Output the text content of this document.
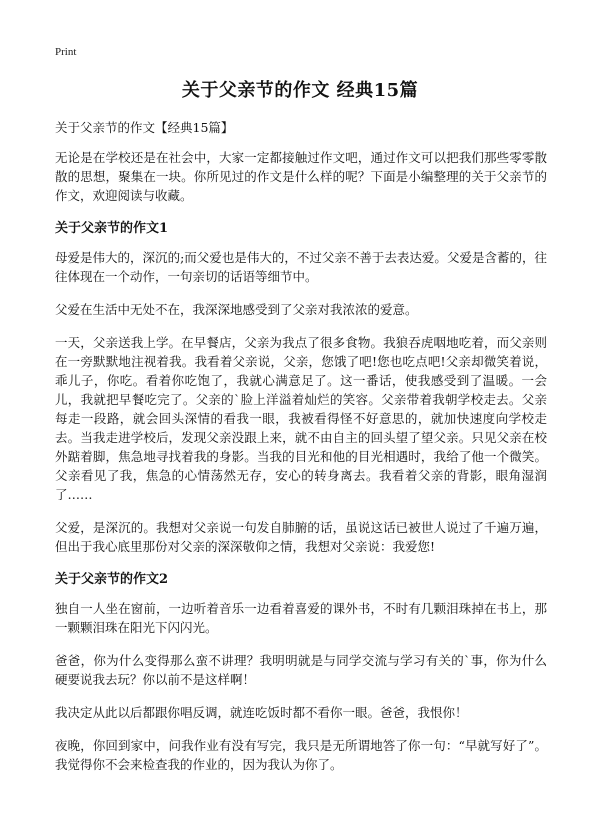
Print
关于父亲节的作文 经典15篇

关于父亲节的作文【经典15篇】

无论是在学校还是在社会中，大家一定都接触过作文吧，通过作文可以把我们那些零零散散的思想，聚集在一块。你所见过的作文是什么样的呢？下面是小编整理的关于父亲节的作文，欢迎阅读与收藏。

关于父亲节的作文1

母爱是伟大的，深沉的;而父爱也是伟大的，不过父亲不善于去表达爱。父爱是含蓄的，往往体现在一个动作，一句亲切的话语等细节中。

父爱在生活中无处不在，我深深地感受到了父亲对我浓浓的爱意。

一天，父亲送我上学。在早餐店，父亲为我点了很多食物。我狼吞虎咽地吃着，而父亲则在一旁默默地注视着我。我看着父亲说，父亲，您饿了吧!您也吃点吧!父亲却微笑着说，乖儿子，你吃。看着你吃饱了，我就心满意足了。这一番话，使我感受到了温暖。一会儿，我就把早餐吃完了。父亲的`脸上洋溢着灿烂的笑容。父亲带着我朝学校走去。父亲每走一段路，就会回头深情的看我一眼，我被看得怪不好意思的，就加快速度向学校走去。当我走进学校后，发现父亲没跟上来，就不由自主的回头望了望父亲。只见父亲在校外踮着脚，焦急地寻找着我的身影。当我的目光和他的目光相遇时，我给了他一个微笑。父亲看见了我，焦急的心情荡然无存，安心的转身离去。我看着父亲的背影，眼角湿润了……

父爱，是深沉的。我想对父亲说一句发自肺腑的话，虽说这话已被世人说过了千遍万遍，但出于我心底里那份对父亲的深深敬仰之情，我想对父亲说：我爱您!

关于父亲节的作文2

独自一人坐在窗前，一边听着音乐一边看着喜爱的课外书，不时有几颗泪珠掉在书上，那一颗颗泪珠在阳光下闪闪光。

爸爸，你为什么变得那么蛮不讲理？我明明就是与同学交流与学习有关的`事，你为什么硬要说我去玩？你以前不是这样啊！

我决定从此以后都跟你唱反调，就连吃饭时都不看你一眼。爸爸，我恨你！

夜晚，你回到家中，问我作业有没有写完，我只是无所谓地答了你一句：“早就写好了”。我觉得你不会来检查我的作业的，因为我认为你了。
